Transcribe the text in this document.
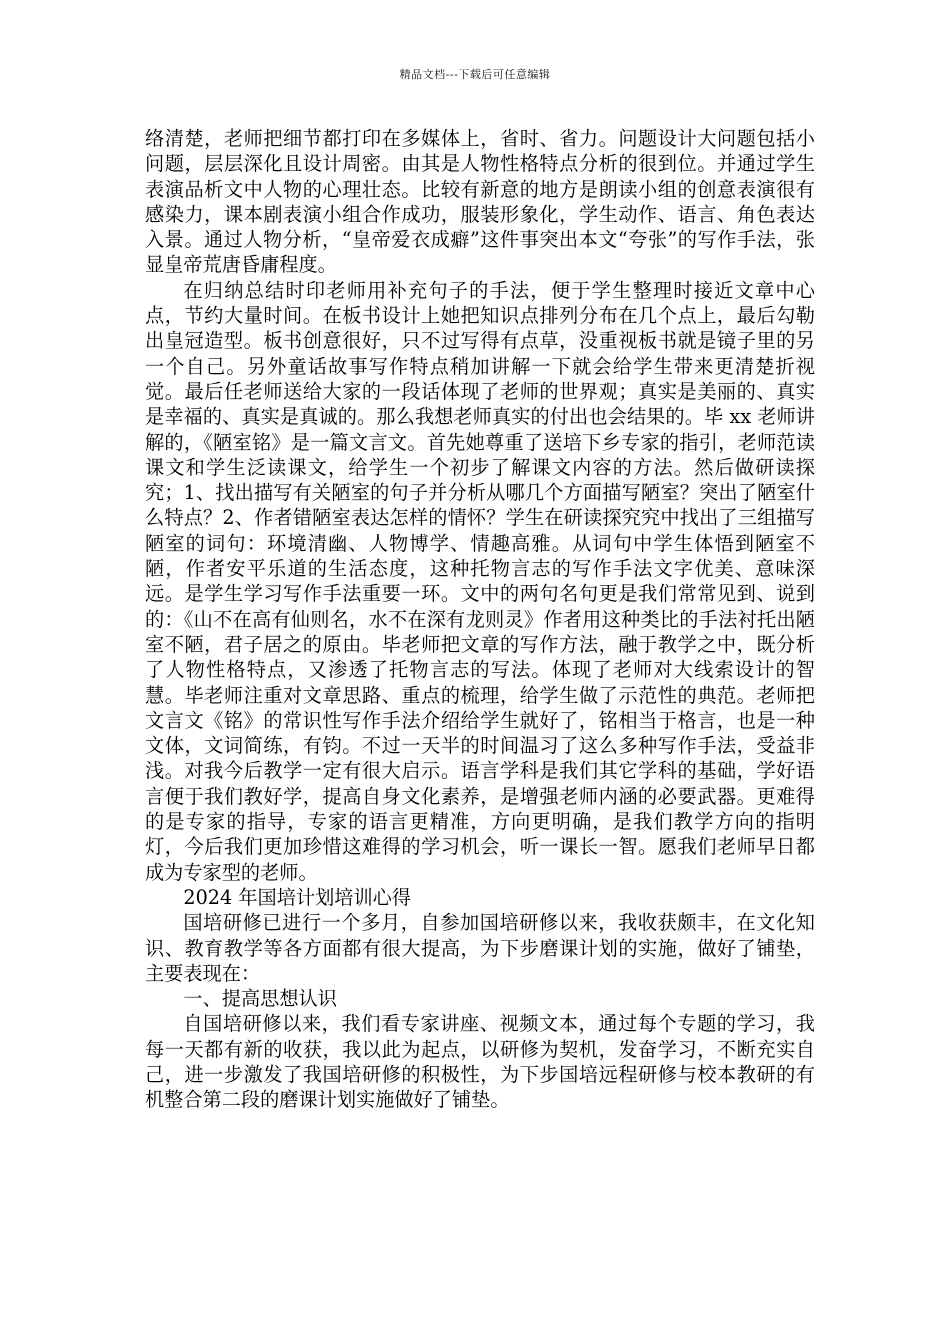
精品文档---下载后可任意编辑

络清楚，老师把细节都打印在多媒体上，省时、省力。问题设计大问题包括小问题，层层深化且设计周密。由其是人物性格特点分析的很到位。并通过学生表演品析文中人物的心理壮态。比较有新意的地方是朗读小组的创意表演很有感染力，课本剧表演小组合作成功，服装形象化，学生动作、语言、角色表达入景。通过人物分析，“皇帝爱衣成癖”这件事突出本文“夸张”的写作手法，张显皇帝荒唐昏庸程度。

在归纳总结时印老师用补充句子的手法，便于学生整理时接近文章中心点，节约大量时间。在板书设计上她把知识点排列分布在几个点上，最后勾勒出皇冠造型。板书创意很好，只不过写得有点草，没重视板书就是镜子里的另一个自己。另外童话故事写作特点稍加讲解一下就会给学生带来更清楚折视觉。最后任老师送给大家的一段话体现了老师的世界观；真实是美丽的、真实是幸福的、真实是真诚的。那么我想老师真实的付出也会结果的。毕 xx 老师讲解的，《陋室铭》是一篇文言文。首先她尊重了送培下乡专家的指引，老师范读课文和学生泛读课文，给学生一个初步了解课文内容的方法。然后做研读探究；1、找出描写有关陋室的句子并分析从哪几个方面描写陋室？突出了陋室什么特点？2、作者错陋室表达怎样的情怀？学生在研读探究究中找出了三组描写陋室的词句：环境清幽、人物博学、情趣高雅。从词句中学生体悟到陋室不陋，作者安平乐道的生活态度，这种托物言志的写作手法文字优美、意味深远。是学生学习写作手法重要一环。文中的两句名句更是我们常常见到、说到的：《山不在高有仙则名，水不在深有龙则灵》作者用这种类比的手法衬托出陋室不陋，君子居之的原由。毕老师把文章的写作方法，融于教学之中，既分析了人物性格特点，又渗透了托物言志的写法。体现了老师对大线索设计的智慧。毕老师注重对文章思路、重点的梳理，给学生做了示范性的典范。老师把文言文《铭》的常识性写作手法介绍给学生就好了，铭相当于格言，也是一种文体，文词简练，有钧。不过一天半的时间温习了这么多种写作手法，受益非浅。对我今后教学一定有很大启示。语言学科是我们其它学科的基础，学好语言便于我们教好学，提高自身文化素养，是增强老师内涵的必要武器。更难得的是专家的指导，专家的语言更精准，方向更明确，是我们教学方向的指明灯，今后我们更加珍惜这难得的学习机会，听一课长一智。愿我们老师早日都成为专家型的老师。

2024 年国培计划培训心得

国培研修已进行一个多月，自参加国培研修以来，我收获颇丰，在文化知识、教育教学等各方面都有很大提高，为下步磨课计划的实施，做好了铺垫，主要表现在：

一、提高思想认识

自国培研修以来，我们看专家讲座、视频文本，通过每个专题的学习，我每一天都有新的收获，我以此为起点，以研修为契机，发奋学习，不断充实自己，进一步激发了我国培研修的积极性，为下步国培远程研修与校本教研的有机整合第二段的磨课计划实施做好了铺垫。
